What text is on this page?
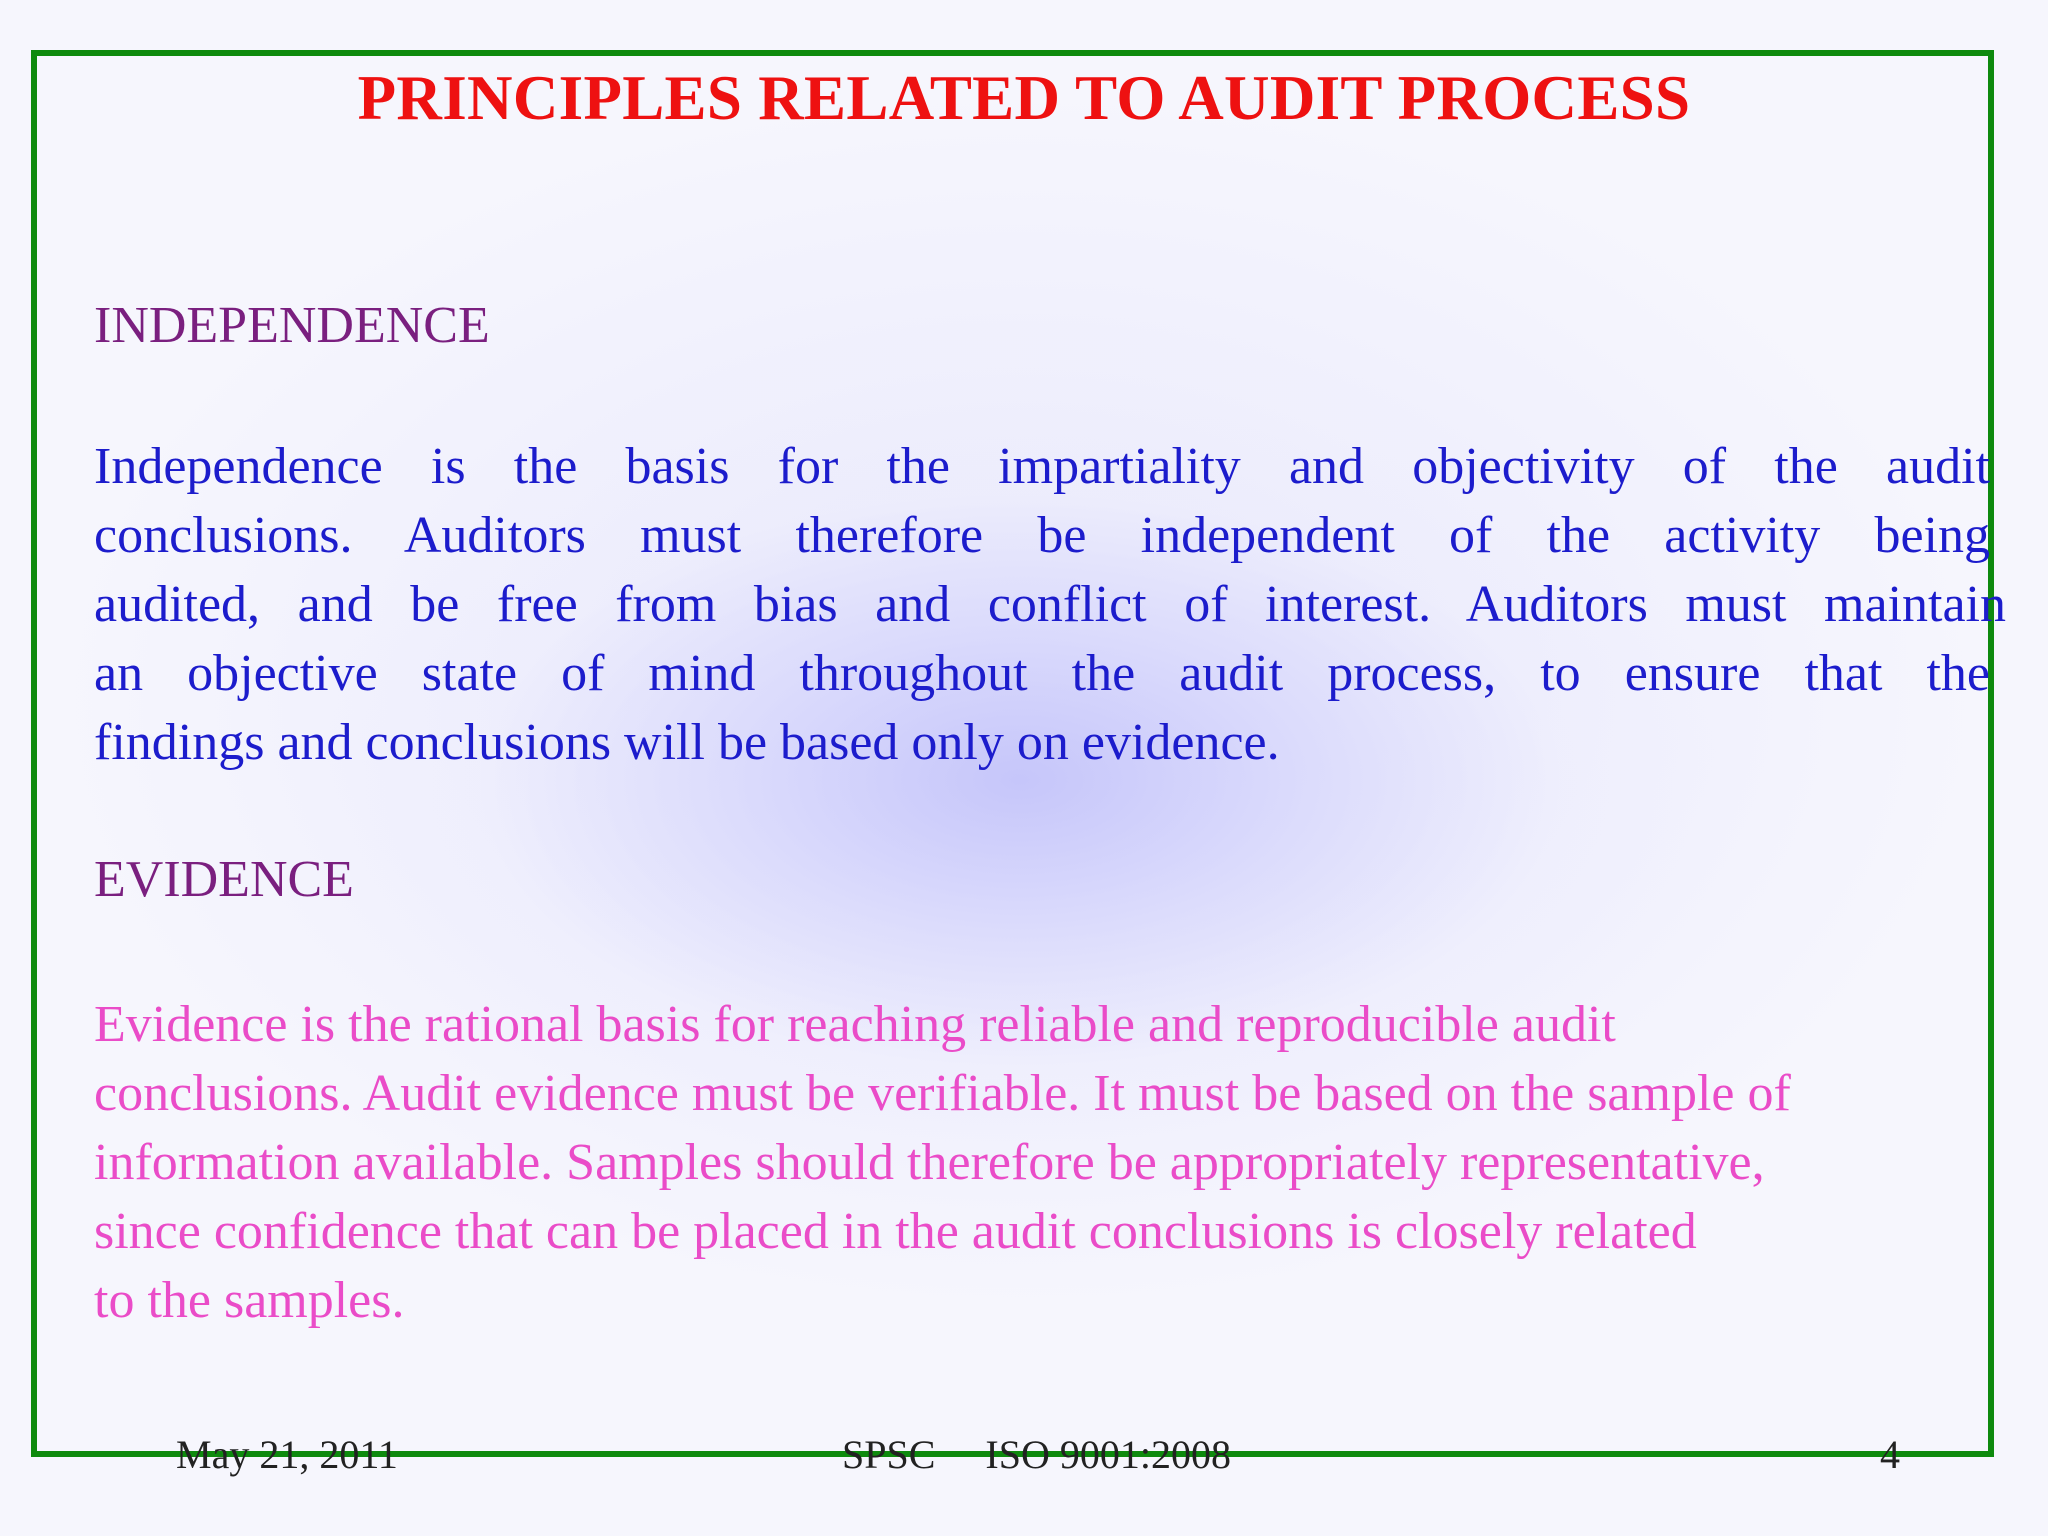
PRINCIPLES RELATED TO AUDIT PROCESS
INDEPENDENCE
Independence is the basis for the impartiality and objectivity of the audit
conclusions. Auditors must therefore be independent of the activity being
audited, and be free from bias and conflict of interest. Auditors must maintain
an objective state of mind throughout the audit process, to ensure that the
findings and conclusions will be based only on evidence.
EVIDENCE
Evidence is the rational basis for reaching reliable and reproducible audit
conclusions. Audit evidence must be verifiable. It must be based on the sample of
information available. Samples should therefore be appropriately representative,
since confidence that can be placed in the audit conclusions is closely related
to the samples.
May 21, 2011	SPSC     ISO 9001:2008	4
